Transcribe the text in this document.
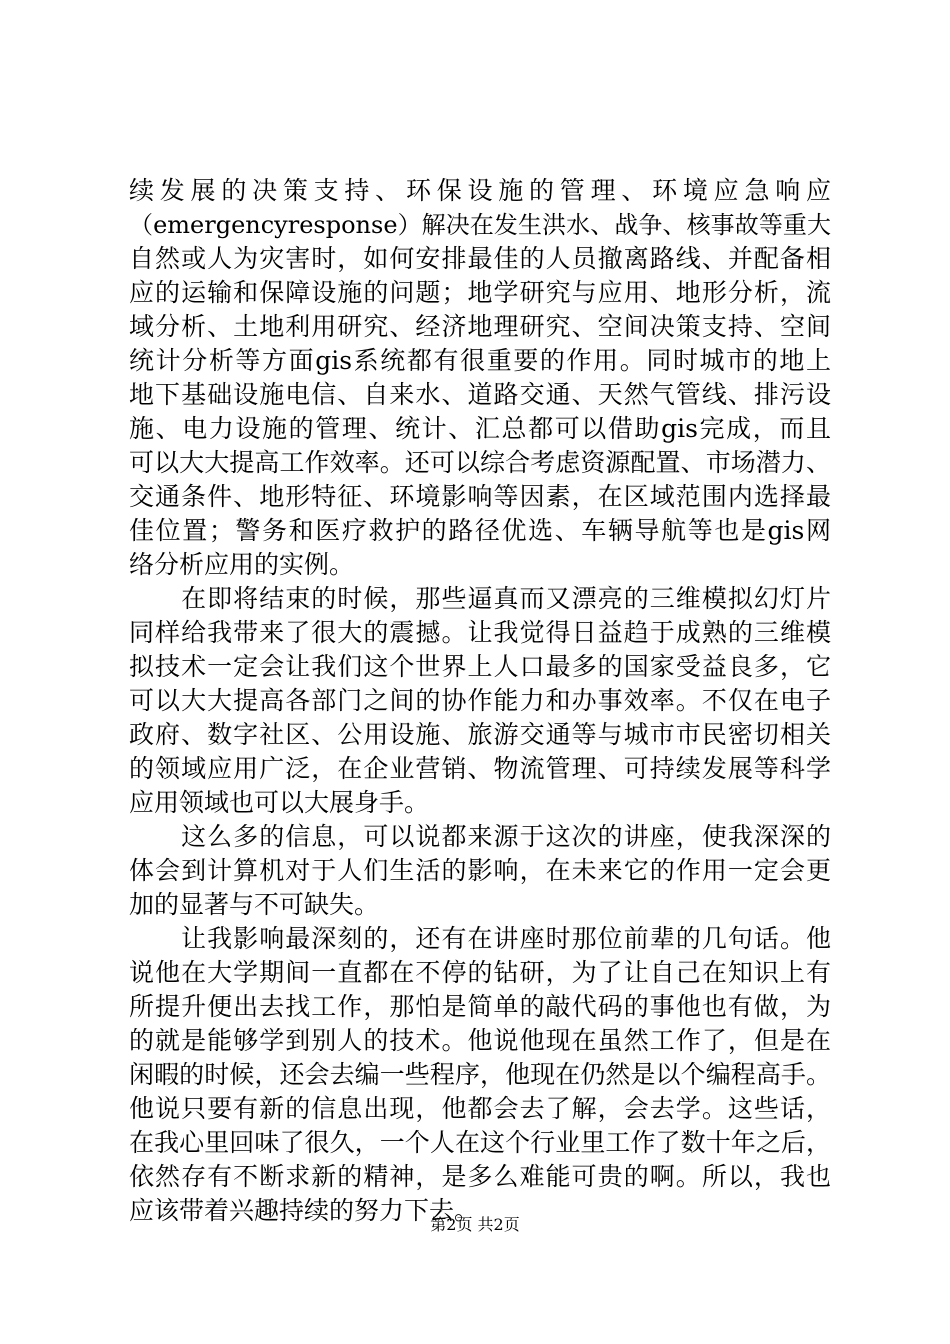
续发展的决策支持、环保设施的管理、环境应急响应
（emergencyresponse）解决在发生洪水、战争、核事故等重大
自然或人为灾害时，如何安排最佳的人员撤离路线、并配备相
应的运输和保障设施的问题；地学研究与应用、地形分析，流
域分析、土地利用研究、经济地理研究、空间决策支持、空间
统计分析等方面gis系统都有很重要的作用。同时城市的地上
地下基础设施电信、自来水、道路交通、天然气管线、排污设
施、电力设施的管理、统计、汇总都可以借助gis完成，而且
可以大大提高工作效率。还可以综合考虑资源配置、市场潜力、
交通条件、地形特征、环境影响等因素，在区域范围内选择最
佳位置；警务和医疗救护的路径优选、车辆导航等也是gis网
络分析应用的实例。
　　在即将结束的时候，那些逼真而又漂亮的三维模拟幻灯片
同样给我带来了很大的震撼。让我觉得日益趋于成熟的三维模
拟技术一定会让我们这个世界上人口最多的国家受益良多，它
可以大大提高各部门之间的协作能力和办事效率。不仅在电子
政府、数字社区、公用设施、旅游交通等与城市市民密切相关
的领域应用广泛，在企业营销、物流管理、可持续发展等科学
应用领域也可以大展身手。
　　这么多的信息，可以说都来源于这次的讲座，使我深深的
体会到计算机对于人们生活的影响，在未来它的作用一定会更
加的显著与不可缺失。
　　让我影响最深刻的，还有在讲座时那位前辈的几句话。他
说他在大学期间一直都在不停的钻研，为了让自己在知识上有
所提升便出去找工作，那怕是简单的敲代码的事他也有做，为
的就是能够学到别人的技术。他说他现在虽然工作了，但是在
闲暇的时候，还会去编一些程序，他现在仍然是以个编程高手。
他说只要有新的信息出现，他都会去了解，会去学。这些话，
在我心里回味了很久，一个人在这个行业里工作了数十年之后，
依然存有不断求新的精神，是多么难能可贵的啊。所以，我也
应该带着兴趣持续的努力下去。
第2页 共2页
